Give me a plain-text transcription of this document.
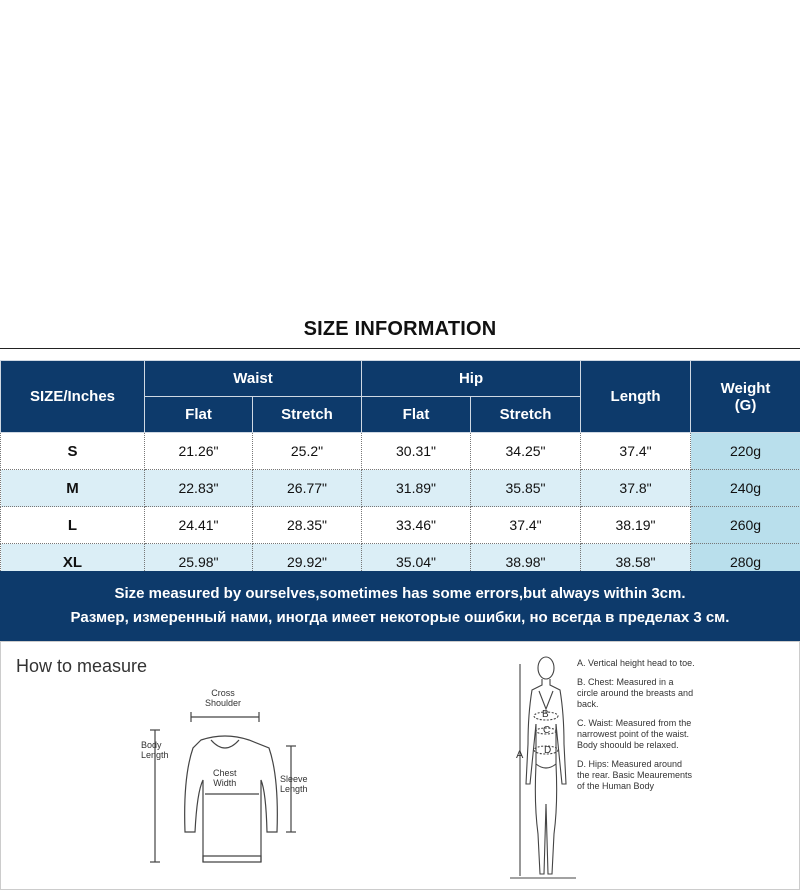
SIZE INFORMATION
SIZE/Inches	Waist		Hip		Length	Weight
(G)
	Flat	Stretch	Flat	Stretch		
S	21.26"	25.2"	30.31"	34.25"	37.4"	220g
M	22.83"	26.77"	31.89"	35.85"	37.8"	240g
L	24.41"	28.35"	33.46"	37.4"	38.19"	260g
XL	25.98"	29.92"	35.04"	38.98"	38.58"	280g
Size measured by ourselves,sometimes has some errors,but always within 3cm.
Размер, измеренный нами, иногда имеет некоторые ошибки, но всегда в пределах 3 см.
How to measure
Cross
Shoulder
Body
Length
Chest
Width	Sleeve
Length
A
B
C
D

A. Vertical height head to toe.

B. Chest: Measured in a circle around the breasts and back.

C. Waist: Measured from the narrowest point of the waist. Body shoould be relaxed.

D. Hips: Measured around the rear. Basic Meaurements of the Human Body
